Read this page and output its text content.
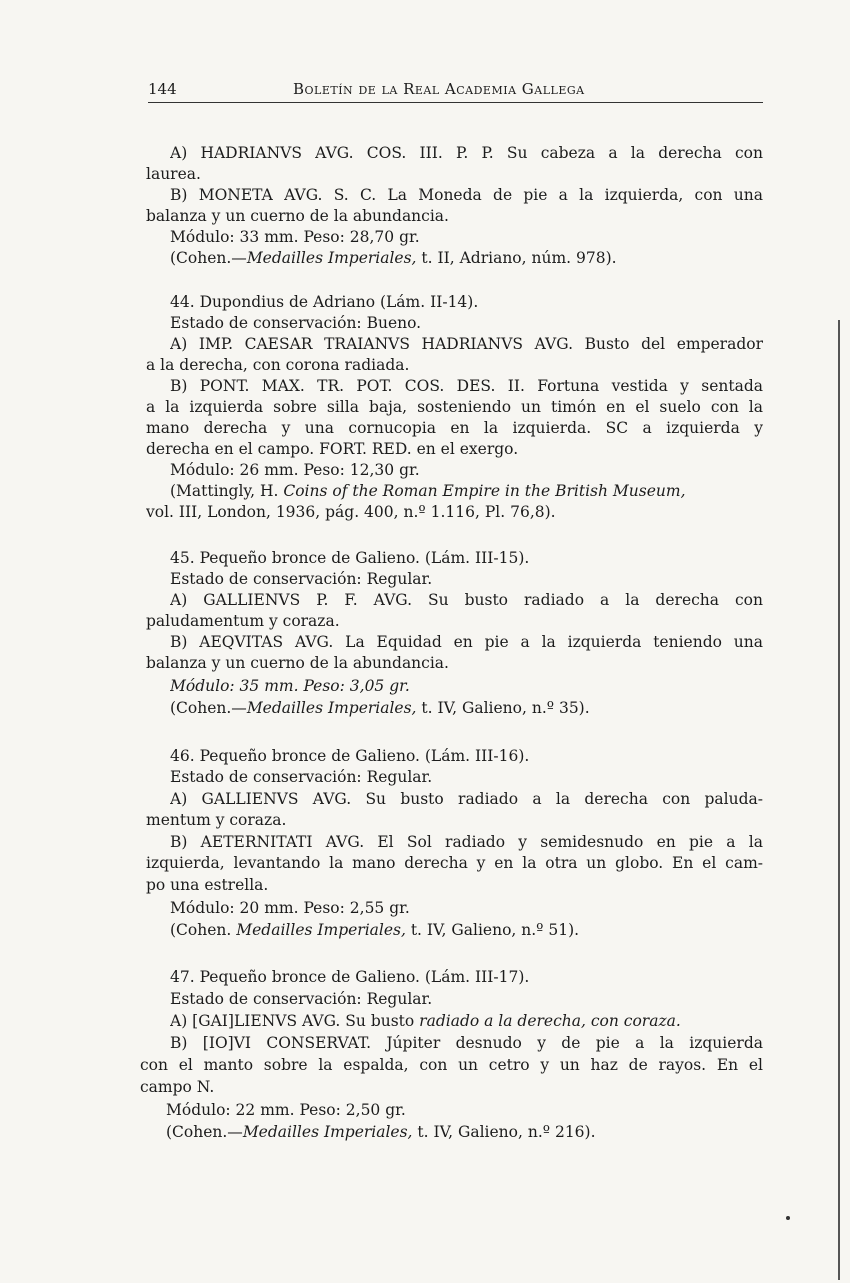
144	Boletín de la Real Academia Gallega
A) HADRIANVS AVG. COS. III. P. P. Su cabeza a la derecha con
laurea.
B) MONETA AVG. S. C. La Moneda de pie a la izquierda, con una
balanza y un cuerno de la abundancia.
Módulo: 33 mm. Peso: 28,70 gr.
(Cohen.—Medailles Imperiales, t. II, Adriano, núm. 978).
44. Dupondius de Adriano (Lám. II-14).
Estado de conservación: Bueno.
A) IMP. CAESAR TRAIANVS HADRIANVS AVG. Busto del emperador
a la derecha, con corona radiada.
B) PONT. MAX. TR. POT. COS. DES. II. Fortuna vestida y sentada
a la izquierda sobre silla baja, sosteniendo un timón en el suelo con la
mano derecha y una cornucopia en la izquierda. SC a izquierda y
derecha en el campo. FORT. RED. en el exergo.
Módulo: 26 mm. Peso: 12,30 gr.
(Mattingly, H. Coins of the Roman Empire in the British Museum,
vol. III, London, 1936, pág. 400, n.º 1.116, Pl. 76,8).
45. Pequeño bronce de Galieno. (Lám. III-15).
Estado de conservación: Regular.
A) GALLIENVS P. F. AVG. Su busto radiado a la derecha con
paludamentum y coraza.
B) AEQVITAS AVG. La Equidad en pie a la izquierda teniendo una
balanza y un cuerno de la abundancia.
Módulo: 35 mm. Peso: 3,05 gr.
(Cohen.—Medailles Imperiales, t. IV, Galieno, n.º 35).
46. Pequeño bronce de Galieno. (Lám. III-16).
Estado de conservación: Regular.
A) GALLIENVS AVG. Su busto radiado a la derecha con paluda-
mentum y coraza.
B) AETERNITATI AVG. El Sol radiado y semidesnudo en pie a la
izquierda, levantando la mano derecha y en la otra un globo. En el cam-
po una estrella.
Módulo: 20 mm. Peso: 2,55 gr.
(Cohen. Medailles Imperiales, t. IV, Galieno, n.º 51).
47. Pequeño bronce de Galieno. (Lám. III-17).
Estado de conservación: Regular.
A) [GAI]LIENVS AVG. Su busto radiado a la derecha, con coraza.
B) [IO]VI CONSERVAT. Júpiter desnudo y de pie a la izquierda
con el manto sobre la espalda, con un cetro y un haz de rayos. En el
campo N.
Módulo: 22 mm. Peso: 2,50 gr.
(Cohen.—Medailles Imperiales, t. IV, Galieno, n.º 216).
